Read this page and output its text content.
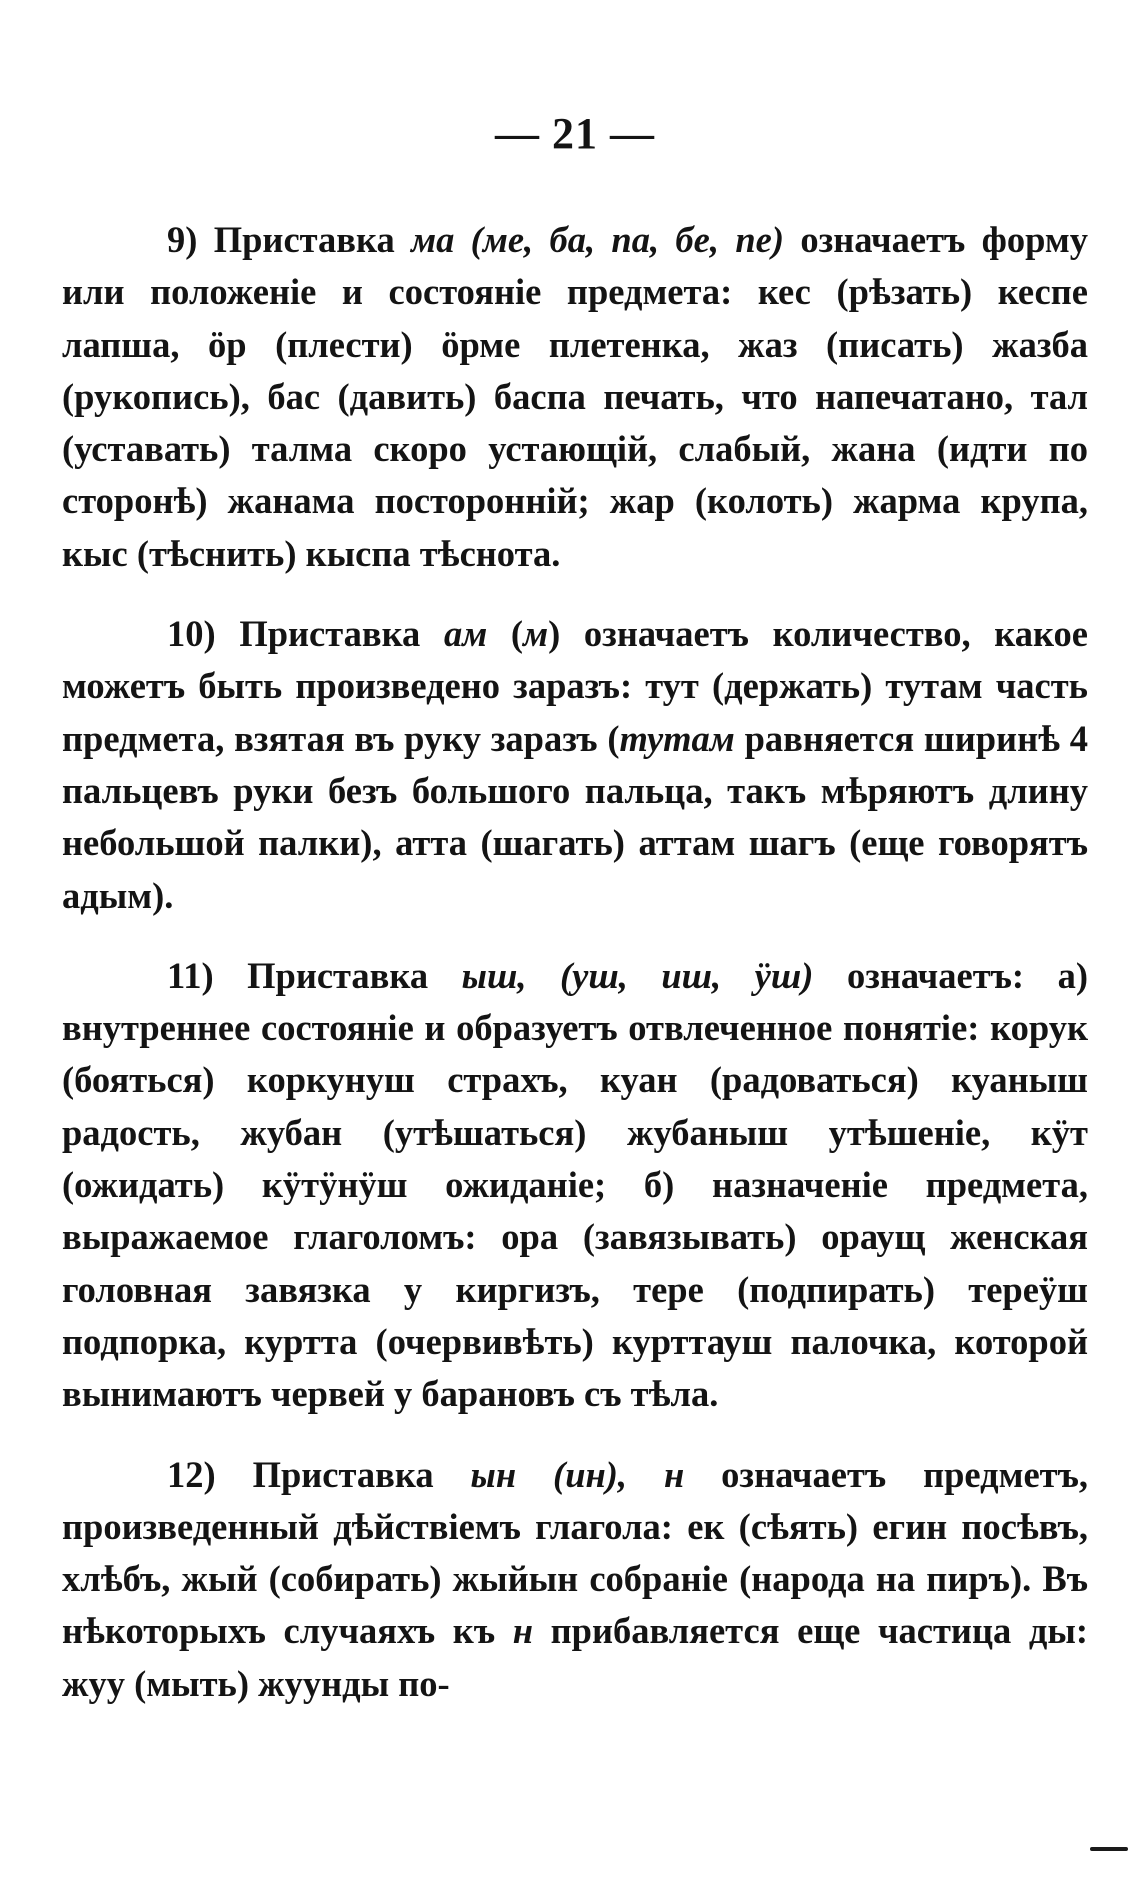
— 21 —

9) Приставка ма (ме, ба, па, бе, пе) означаетъ форму или положеніе и состояніе предмета: кес (рѣзать) кеспе лапша, ӧр (плести) ӧрме плетенка, жаз (писать) жазба (рукопись), бас (давить) баспа печать, что напечатано, тал (уставать) талма скоро устающій, слабый, жана (идти по сторонѣ) жанама посторонній; жар (колоть) жарма крупа, кыс (тѣснить) кыспа тѣснота.

10) Приставка ам (м) означаетъ количество, какое можетъ быть произведено заразъ: тут (держать) тутам часть предмета, взятая въ руку заразъ (тутам равняется ширинѣ 4 пальцевъ руки безъ большого пальца, такъ мѣряютъ длину небольшой палки), атта (шагать) аттам шагъ (еще говорятъ адым).

11) Приставка ыш, (уш, иш, ӱш) означаетъ: а) внутреннее состояніе и образуетъ отвлеченное понятіе: корук (бояться) коркунуш страхъ, куан (радоваться) куаныш радость, жубан (утѣшаться) жубаныш утѣшеніе, кӱт (ожидать) кӱтӱнӱш ожиданіе; б) назначеніе предмета, выражаемое глаголомъ: ора (завязывать) ораущ женская головная завязка у киргизъ, тере (подпирать) тереӱш подпорка, куртта (очервивѣть) курттауш палочка, которой вынимаютъ червей у барановъ съ тѣла.

12) Приставка ын (ин), н означаетъ предметъ, произведенный дѣйствіемъ глагола: ек (сѣять) егин посѣвъ, хлѣбъ, жый (собирать) жыйын собраніе (народа на пиръ). Въ нѣкоторыхъ случаяхъ къ н прибавляется еще частица ды: жуу (мыть) жуунды по-
